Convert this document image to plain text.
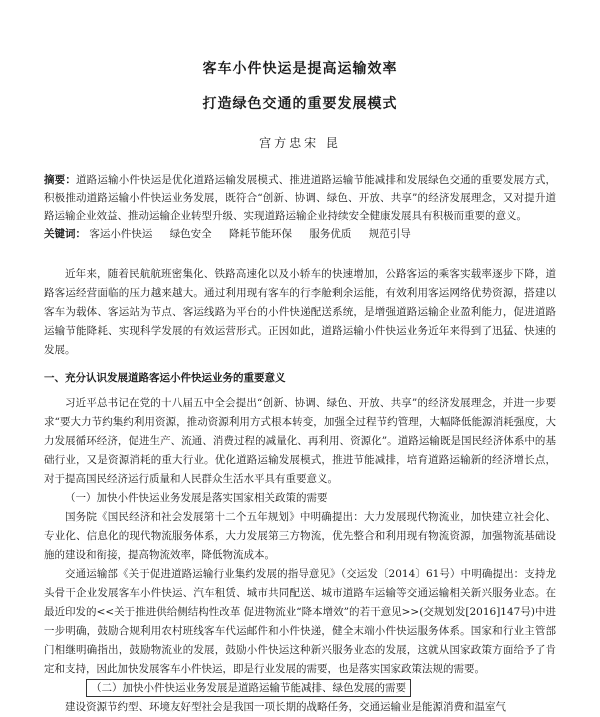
客车小件快运是提高运输效率
打造绿色交通的重要发展模式
宫方忠宋 昆
摘要：道路运输小件快运是优化道路运输发展模式、推进道路运输节能减排和发展绿色交通的重要发展方式，积极推动道路运输小件快运业务发展，既符合“创新、协调、绿色、开放、共享”的经济发展理念，又对提升道路运输企业效益、推动运输企业转型升级、实现道路运输企业持续安全健康发展具有积极而重要的意义。
关键词： 客运小件快运 绿色安全 降耗节能环保 服务优质 规范引导

近年来，随着民航航班密集化、铁路高速化以及小轿车的快速增加，公路客运的乘客实载率逐步下降，道路客运经营面临的压力越来越大。通过利用现有客车的行李舱剩余运能，有效利用客运网络优势资源，搭建以客车为载体、客运站为节点、客运线路为平台的小件快递配送系统，是增强道路运输企业盈利能力，促进道路运输节能降耗、实现科学发展的有效运营形式。正因如此，道路运输小件快运业务近年来得到了迅猛、快速的发展。

一、充分认识发展道路客运小件快运业务的重要意义

习近平总书记在党的十八届五中全会提出“创新、协调、绿色、开放、共享”的经济发展理念，并进一步要求“要大力节约集约利用资源，推动资源利用方式根本转变，加强全过程节约管理，大幅降低能源消耗强度，大力发展循环经济，促进生产、流通、消费过程的减量化、再利用、资源化”。道路运输既是国民经济体系中的基础行业，又是资源消耗的重大行业。优化道路运输发展模式，推进节能减排，培育道路运输新的经济增长点，对于提高国民经济运行质量和人民群众生活水平具有重要意义。

（一）加快小件快运业务发展是落实国家相关政策的需要

国务院《国民经济和社会发展第十二个五年规划》中明确提出：大力发展现代物流业，加快建立社会化、专业化、信息化的现代物流服务体系，大力发展第三方物流，优先整合和利用现有物流资源，加强物流基础设施的建设和衔接，提高物流效率，降低物流成本。

交通运输部《关于促进道路运输行业集约发展的指导意见》（交运发〔2014〕61号）中明确提出：支持龙头骨干企业发展客车小件快运、汽车租赁、城市共同配送、城市道路车运输等交通运输相关新兴服务业态。在最近印发的<<关于推进供给侧结构性改革 促进物流业“降本增效”的若干意见>>(交规划发[2016]147号)中进一步明确，鼓励合规利用农村班线客车代运邮件和小件快递，健全末端小件快运服务体系。国家和行业主管部门相继明确指出，鼓励物流业的发展，鼓励小件快运这种新兴服务业态的发展，这就从国家政策方面给予了肯定和支持，因此加快发展客车小件快运，即是行业发展的需要，也是落实国家政策法规的需要。

（二）加快小件快运业务发展是道路运输节能减排、绿色发展的需要

建设资源节约型、环境友好型社会是我国一项长期的战略任务，交通运输业是能源消费和温室气
